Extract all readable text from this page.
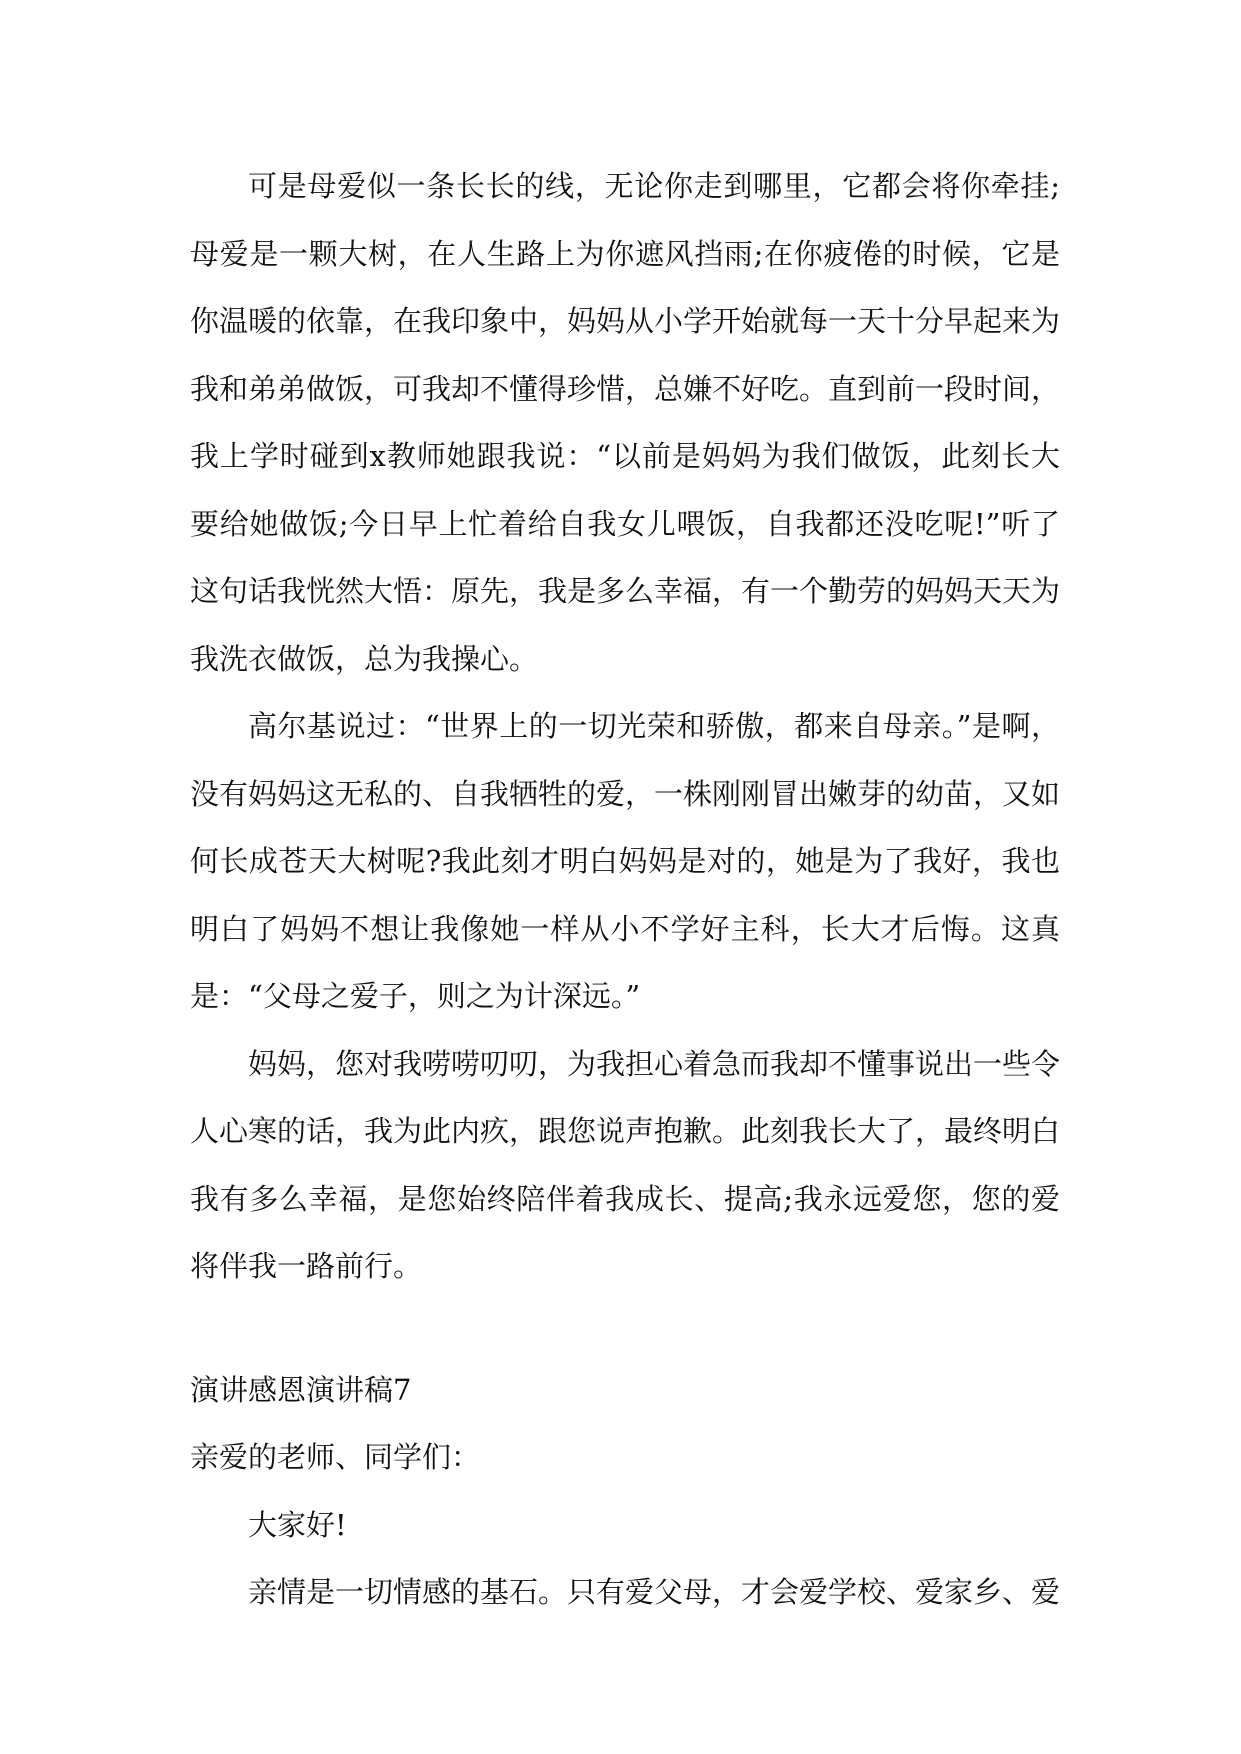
可是母爱似一条长长的线，无论你走到哪里，它都会将你牵挂;母爱是一颗大树，在人生路上为你遮风挡雨;在你疲倦的时候，它是你温暖的依靠，在我印象中，妈妈从小学开始就每一天十分早起来为我和弟弟做饭，可我却不懂得珍惜，总嫌不好吃。直到前一段时间，我上学时碰到x教师她跟我说：“以前是妈妈为我们做饭，此刻长大要给她做饭;今日早上忙着给自我女儿喂饭，自我都还没吃呢!”听了这句话我恍然大悟：原先，我是多么幸福，有一个勤劳的妈妈天天为我洗衣做饭，总为我操心。

高尔基说过：“世界上的一切光荣和骄傲，都来自母亲。”是啊，没有妈妈这无私的、自我牺牲的爱，一株刚刚冒出嫩芽的幼苗，又如何长成苍天大树呢?我此刻才明白妈妈是对的，她是为了我好，我也明白了妈妈不想让我像她一样从小不学好主科，长大才后悔。这真是：“父母之爱子，则之为计深远。”

妈妈，您对我唠唠叨叨，为我担心着急而我却不懂事说出一些令人心寒的话，我为此内疚，跟您说声抱歉。此刻我长大了，最终明白我有多么幸福，是您始终陪伴着我成长、提高;我永远爱您，您的爱将伴我一路前行。

演讲感恩演讲稿7

亲爱的老师、同学们：

大家好!

亲情是一切情感的基石。只有爱父母，才会爱学校、爱家乡、爱
